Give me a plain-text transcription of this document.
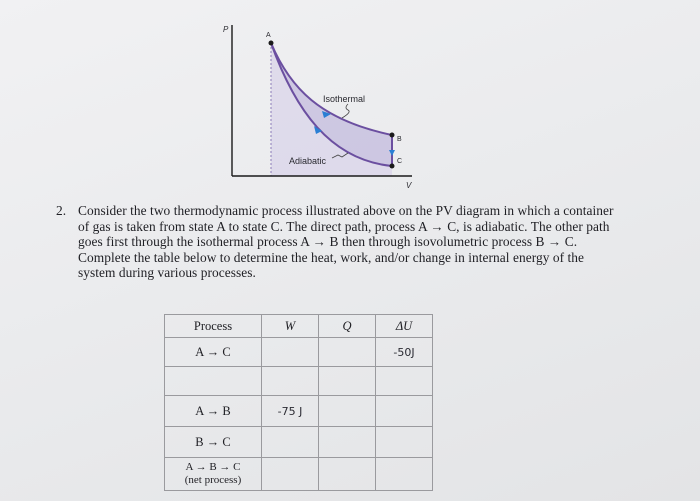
P
V
A
B
C
Isothermal
Adiabatic
2. Consider the two thermodynamic process illustrated above on the PV diagram in which a container of gas is taken from state A to state C. The direct path, process A → C, is adiabatic. The other path goes first through the isothermal process A → B then through isovolumetric process B → C. Complete the table below to determine the heat, work, and/or change in internal energy of the system during various processes.
Process	W	Q	ΔU
A → C			-50J

A → B	-75 J		
B → C			

A → B → C
(net process)			
